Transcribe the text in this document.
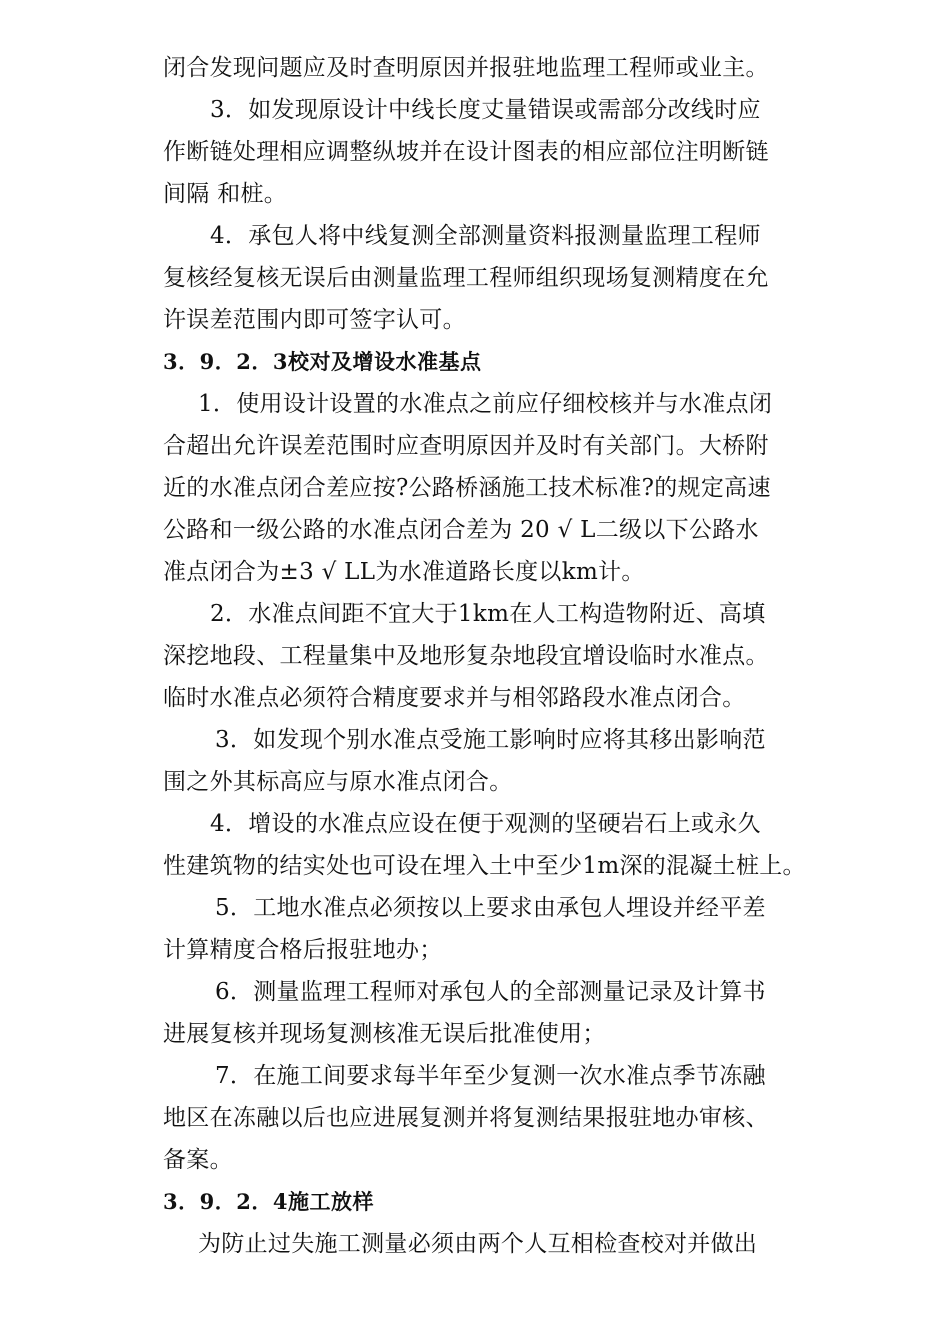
闭合发现问题应及时查明原因并报驻地监理工程师或业主。
3．如发现原设计中线长度丈量错误或需部分改线时应
作断链处理相应调整纵坡并在设计图表的相应部位注明断链
间隔 和桩。
4．承包人将中线复测全部测量资料报测量监理工程师
复核经复核无误后由测量监理工程师组织现场复测精度在允
许误差范围内即可签字认可。
3．9．2．3校对及增设水准基点
1．使用设计设置的水准点之前应仔细校核并与水准点闭
合超出允许误差范围时应查明原因并及时有关部门。大桥附
近的水准点闭合差应按?公路桥涵施工技术标准?的规定高速
公路和一级公路的水准点闭合差为 20 √ L二级以下公路水
准点闭合为±3 √ LL为水准道路长度以km计。
2．水准点间距不宜大于1km在人工构造物附近、高填
深挖地段、工程量集中及地形复杂地段宜增设临时水准点。
临时水准点必须符合精度要求并与相邻路段水准点闭合。
3．如发现个别水准点受施工影响时应将其移出影响范
围之外其标高应与原水准点闭合。
4．增设的水准点应设在便于观测的坚硬岩石上或永久
性建筑物的结实处也可设在埋入土中至少1m深的混凝土桩上。
5．工地水准点必须按以上要求由承包人埋设并经平差
计算精度合格后报驻地办；
6．测量监理工程师对承包人的全部测量记录及计算书
进展复核并现场复测核准无误后批准使用；
7．在施工间要求每半年至少复测一次水准点季节冻融
地区在冻融以后也应进展复测并将复测结果报驻地办审核、
备案。
3．9．2．4施工放样
为防止过失施工测量必须由两个人互相检查校对并做出
